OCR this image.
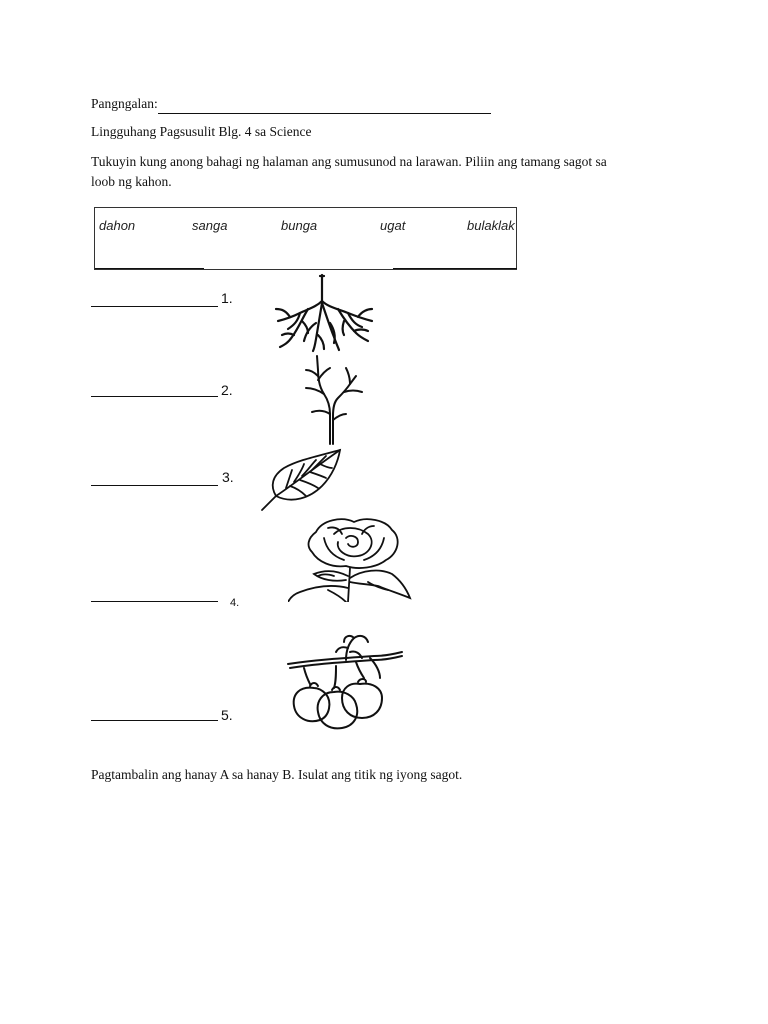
Pangngalan:
Lingguhang Pagsusulit Blg. 4 sa Science
Tukuyin kung anong bahagi ng halaman ang sumusunod na larawan. Piliin ang tamang sagot sa
loob ng kahon.
dahon	sanga	bunga	ugat	bulaklak
1.
2.
3.
4.
5.
Pagtambalin ang hanay A sa hanay B. Isulat ang titik ng iyong sagot.
